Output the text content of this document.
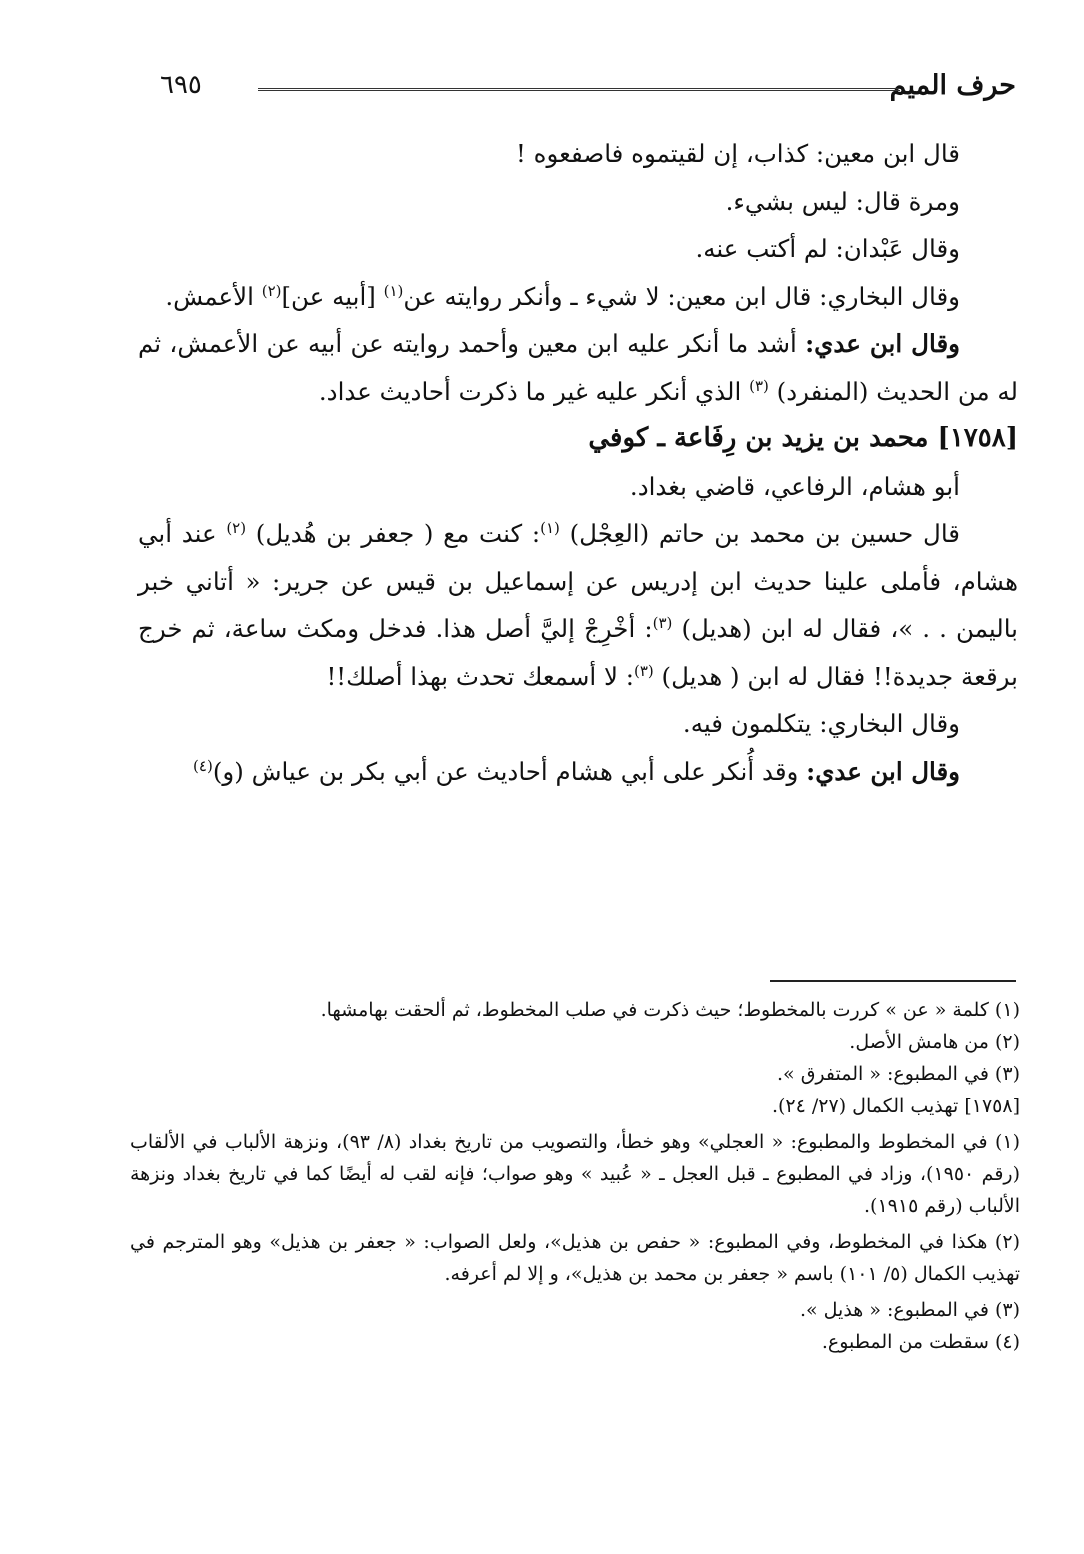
حرف الميم
٦٩٥

قال ابن معين: كذاب، إن لقيتموه فاصفعوه !

ومرة قال: ليس بشيء.

وقال عَبْدان: لم أكتب عنه.

وقال البخاري: قال ابن معين: لا شيء ـ وأنكر روايته عن$^{(١)}$ [أبيه عن]$^{(٢)}$ الأعمش.

وقال ابن عدي: أشد ما أنكر عليه ابن معين وأحمد روايته عن أبيه عن الأعمش، ثم له من الحديث (المنفرد) $^{(٣)}$ الذي أنكر عليه غير ما ذكرت أحاديث عداد.

[١٧٥٨] محمد بن يزيد بن رِفَاعة ـ كوفي

أبو هشام، الرفاعي، قاضي بغداد.

قال حسين بن محمد بن حاتم (العِجْل) $^{(١)}$: كنت مع ( جعفر بن هُديل) $^{(٢)}$ عند أبي هشام، فأملى علينا حديث ابن إدريس عن إسماعيل بن قيس عن جرير: « أتاني خبر باليمن . . »، فقال له ابن (هديل) $^{(٣)}$: أخْرِجْ إليَّ أصل هذا. فدخل ومكث ساعة، ثم خرج برقعة جديدة!! فقال له ابن ( هديل) $^{(٣)}$: لا أسمعك تحدث بهذا أصلك!!

وقال البخاري: يتكلمون فيه.

وقال ابن عدي: وقد أُنكر على أبي هشام أحاديث عن أبي بكر بن عياش (و)$^{(٤)}$

(١) كلمة « عن » كررت بالمخطوط؛ حيث ذكرت في صلب المخطوط، ثم ألحقت بهامشها.

(٢) من هامش الأصل.

(٣) في المطبوع: « المتفرق ».

[١٧٥٨] تهذيب الكمال (٢٧/ ٢٤).

(١) في المخطوط والمطبوع: « العجلي» وهو خطأ، والتصويب من تاريخ بغداد (٨/ ٩٣)، ونزهة الألباب في الألقاب (رقم ١٩٥٠)، وزاد في المطبوع ـ قبل العجل ـ « عُبيد » وهو صواب؛ فإنه لقب له أيضًا كما في تاريخ بغداد ونزهة الألباب (رقم ١٩١٥).

(٢) هكذا في المخطوط، وفي المطبوع: « حفص بن هذيل»، ولعل الصواب: « جعفر بن هذيل» وهو المترجم في تهذيب الكمال (٥/ ١٠١) باسم « جعفر بن محمد بن هذيل»، و إلا لم أعرفه.

(٣) في المطبوع: « هذيل ».

(٤) سقطت من المطبوع.
